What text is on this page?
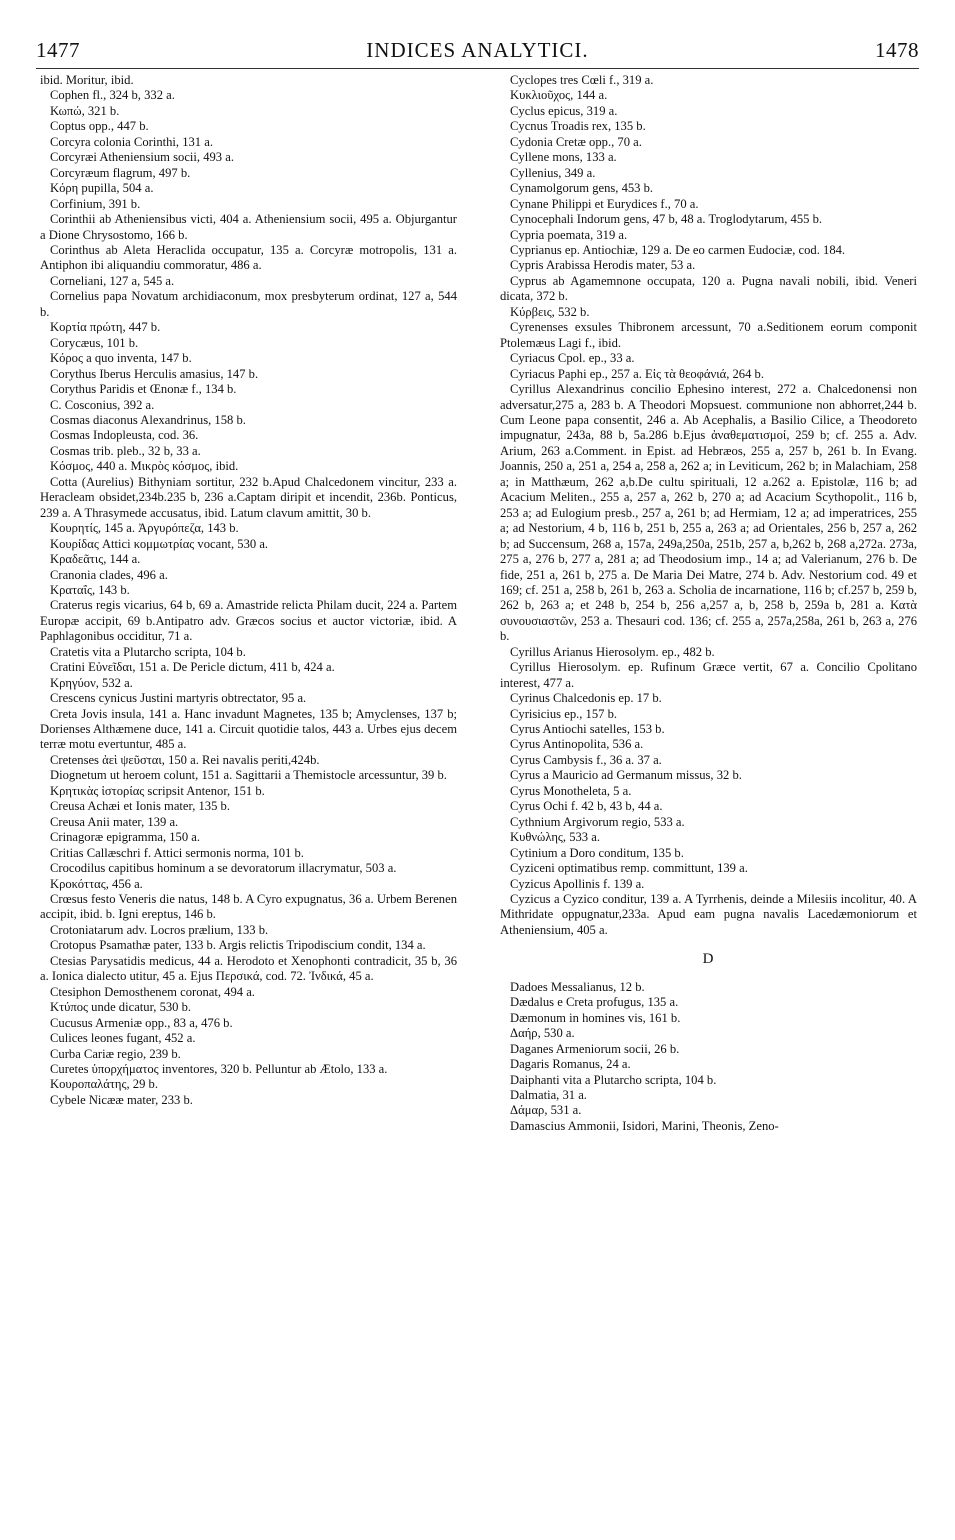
1477	INDICES ANALYTICI.	1478

ibid. Moritur, ibid.

Cophen fl., 324 b, 332 a.

Κωπώ, 321 b.

Coptus opp., 447 b.

Corcyra colonia Corinthi, 131 a.

Corcyræi Atheniensium socii, 493 a.

Corcyræum flagrum, 497 b.

Κόρη pupilla, 504 a.

Corfinium, 391 b.

Corinthii ab Atheniensibus victi, 404 a. Atheniensium socii, 495 a. Objurgantur a Dione Chrysostomo, 166 b.

Corinthus ab Aleta Heraclida occupatur, 135 a. Corcyræ motropolis, 131 a. Antiphon ibi aliquandiu commoratur, 486 a.

Corneliani, 127 a, 545 a.

Cornelius papa Novatum archidiaconum, mox presbyterum ordinat, 127 a, 544 b.

Κορτία πρώτη, 447 b.

Corycæus, 101 b.

Κόρος a quo inventa, 147 b.

Corythus Iberus Herculis amasius, 147 b.

Corythus Paridis et Œnonæ f., 134 b.

C. Cosconius, 392 a.

Cosmas diaconus Alexandrinus, 158 b.

Cosmas Indopleusta, cod. 36.

Cosmas trib. pleb., 32 b, 33 a.

Κόσμος, 440 a. Μικρὸς κόσμος, ibid.

Cotta (Aurelius) Bithyniam sortitur, 232 b.Apud Chalcedonem vincitur, 233 a. Heracleam obsidet,234b.235 b, 236 a.Captam diripit et incendit, 236b. Ponticus, 239 a. A Thrasymede accusatus, ibid. Latum clavum amittit, 30 b.

Κουρητίς, 145 a. Ἀργυρόπεζα, 143 b.

Κουρίδας Attici κομμωτρίας vocant, 530 a.

Κραδεᾶτις, 144 a.

Cranonia clades, 496 a.

Κραταΐς, 143 b.

Craterus regis vicarius, 64 b, 69 a. Amastride relicta Philam ducit, 224 a. Partem Europæ accipit, 69 b.Antipatro adv. Græcos socius et auctor victoriæ, ibid. A Paphlagonibus occiditur, 71 a.

Cratetis vita a Plutarcho scripta, 104 b.

Cratini Εὐνεῖδαι, 151 a. De Pericle dictum, 411 b, 424 a.

Κρηγύον, 532 a.

Crescens cynicus Justini martyris obtrectator, 95 a.

Creta Jovis insula, 141 a. Hanc invadunt Magnetes, 135 b; Amyclenses, 137 b; Dorienses Althæmene duce, 141 a. Circuit quotidie talos, 443 a. Urbes ejus decem terræ motu evertuntur, 485 a.

Cretenses ἀεὶ ψεῦσται, 150 a. Rei navalis periti,424b.

Diognetum ut heroem colunt, 151 a. Sagittarii a Themistocle arcessuntur, 39 b.

Κρητικὰς ἱστορίας scripsit Antenor, 151 b.

Creusa Achæi et Ionis mater, 135 b.

Creusa Anii mater, 139 a.

Crinagoræ epigramma, 150 a.

Critias Callæschri f. Attici sermonis norma, 101 b.

Crocodilus capitibus hominum a se devoratorum illacrymatur, 503 a.

Κροκόττας, 456 a.

Crœsus festo Veneris die natus, 148 b. A Cyro expugnatus, 36 a. Urbem Berenen accipit, ibid. b. Igni ereptus, 146 b.

Crotoniatarum adv. Locros prælium, 133 b.

Crotopus Psamathæ pater, 133 b. Argis relictis Tripodiscium condit, 134 a.

Ctesias Parysatidis medicus, 44 a. Herodoto et Xenophonti contradicit, 35 b, 36 a. Ionica dialecto utitur, 45 a. Ejus Περσικά, cod. 72. Ἰνδικά, 45 a.

Ctesiphon Demosthenem coronat, 494 a.

Κτύπος unde dicatur, 530 b.

Cucusus Armeniæ opp., 83 a, 476 b.

Culices leones fugant, 452 a.

Curba Cariæ regio, 239 b.

Curetes ὑπορχήματος inventores, 320 b. Pelluntur ab Ætolo, 133 a.

Κουροπαλάτης, 29 b.

Cybele Nicææ mater, 233 b.

Cyclopes tres Cœli f., 319 a.

Κυκλιοῦχος, 144 a.

Cyclus epicus, 319 a.

Cycnus Troadis rex, 135 b.

Cydonia Cretæ opp., 70 a.

Cyllene mons, 133 a.

Cyllenius, 349 a.

Cynamolgorum gens, 453 b.

Cynane Philippi et Eurydices f., 70 a.

Cynocephali Indorum gens, 47 b, 48 a. Troglodytarum, 455 b.

Cypria poemata, 319 a.

Cyprianus ep. Antiochiæ, 129 a. De eo carmen Eudociæ, cod. 184.

Cypris Arabissa Herodis mater, 53 a.

Cyprus ab Agamemnone occupata, 120 a. Pugna navali nobili, ibid. Veneri dicata, 372 b.

Κύρβεις, 532 b.

Cyrenenses exsules Thibronem arcessunt, 70 a.Seditionem eorum componit Ptolemæus Lagi f., ibid.

Cyriacus Cpol. ep., 33 a.

Cyriacus Paphi ep., 257 a. Εἰς τὰ θεοφάνιά, 264 b.

Cyrillus Alexandrinus concilio Ephesino interest, 272 a. Chalcedonensi non adversatur,275 a, 283 b. A Theodori Mopsuest. communione non abhorret,244 b. Cum Leone papa consentit, 246 a. Ab Acephalis, a Basilio Cilice, a Theodoreto impugnatur, 243a, 88 b, 5a.286 b.Ejus ἀναθεματισμοί, 259 b; cf. 255 a. Adv. Arium, 263 a.Comment. in Epist. ad Hebræos, 255 a, 257 b, 261 b. In Evang. Joannis, 250 a, 251 a, 254 a, 258 a, 262 a; in Leviticum, 262 b; in Malachiam, 258 a; in Matthæum, 262 a,b.De cultu spirituali, 12 a.262 a. Epistolæ, 116 b; ad Acacium Meliten., 255 a, 257 a, 262 b, 270 a; ad Acacium Scythopolit., 116 b, 253 a; ad Eulogium presb., 257 a, 261 b; ad Hermiam, 12 a; ad imperatrices, 255 a; ad Nestorium, 4 b, 116 b, 251 b, 255 a, 263 a; ad Orientales, 256 b, 257 a, 262 b; ad Succensum, 268 a, 157a, 249a,250a, 251b, 257 a, b,262 b, 268 a,272a. 273a, 275 a, 276 b, 277 a, 281 a; ad Theodosium imp., 14 a; ad Valerianum, 276 b. De fide, 251 a, 261 b, 275 a. De Maria Dei Matre, 274 b. Adv. Nestorium cod. 49 et 169; cf. 251 a, 258 b, 261 b, 263 a. Scholia de incarnatione, 116 b; cf.257 b, 259 b, 262 b, 263 a; et 248 b, 254 b, 256 a,257 a, b, 258 b, 259a b, 281 a. Κατὰ συνουσιαστῶν, 253 a. Thesauri cod. 136; cf. 255 a, 257a,258a, 261 b, 263 a, 276 b.

Cyrillus Arianus Hierosolym. ep., 482 b.

Cyrillus Hierosolym. ep. Rufinum Græce vertit, 67 a. Concilio Cpolitano interest, 477 a.

Cyrinus Chalcedonis ep. 17 b.

Cyrisicius ep., 157 b.

Cyrus Antiochi satelles, 153 b.

Cyrus Antinopolita, 536 a.

Cyrus Cambysis f., 36 a. 37 a.

Cyrus a Mauricio ad Germanum missus, 32 b.

Cyrus Monotheleta, 5 a.

Cyrus Ochi f. 42 b, 43 b, 44 a.

Cythnium Argivorum regio, 533 a.

Κυθνώλης, 533 a.

Cytinium a Doro conditum, 135 b.

Cyziceni optimatibus remp. committunt, 139 a.

Cyzicus Apollinis f. 139 a.

Cyzicus a Cyzico conditur, 139 a. A Tyrrhenis, deinde a Milesiis incolitur, 40. A Mithridate oppugnatur,233a. Apud eam pugna navalis Lacedæmoniorum et Atheniensium, 405 a.

D

Dadoes Messalianus, 12 b.

Dædalus e Creta profugus, 135 a.

Dæmonum in homines vis, 161 b.

Δαήρ, 530 a.

Daganes Armeniorum socii, 26 b.

Dagaris Romanus, 24 a.

Daiphanti vita a Plutarcho scripta, 104 b.

Dalmatia, 31 a.

Δάμαρ, 531 a.

Damascius Ammonii, Isidori, Marini, Theonis, Zeno-
